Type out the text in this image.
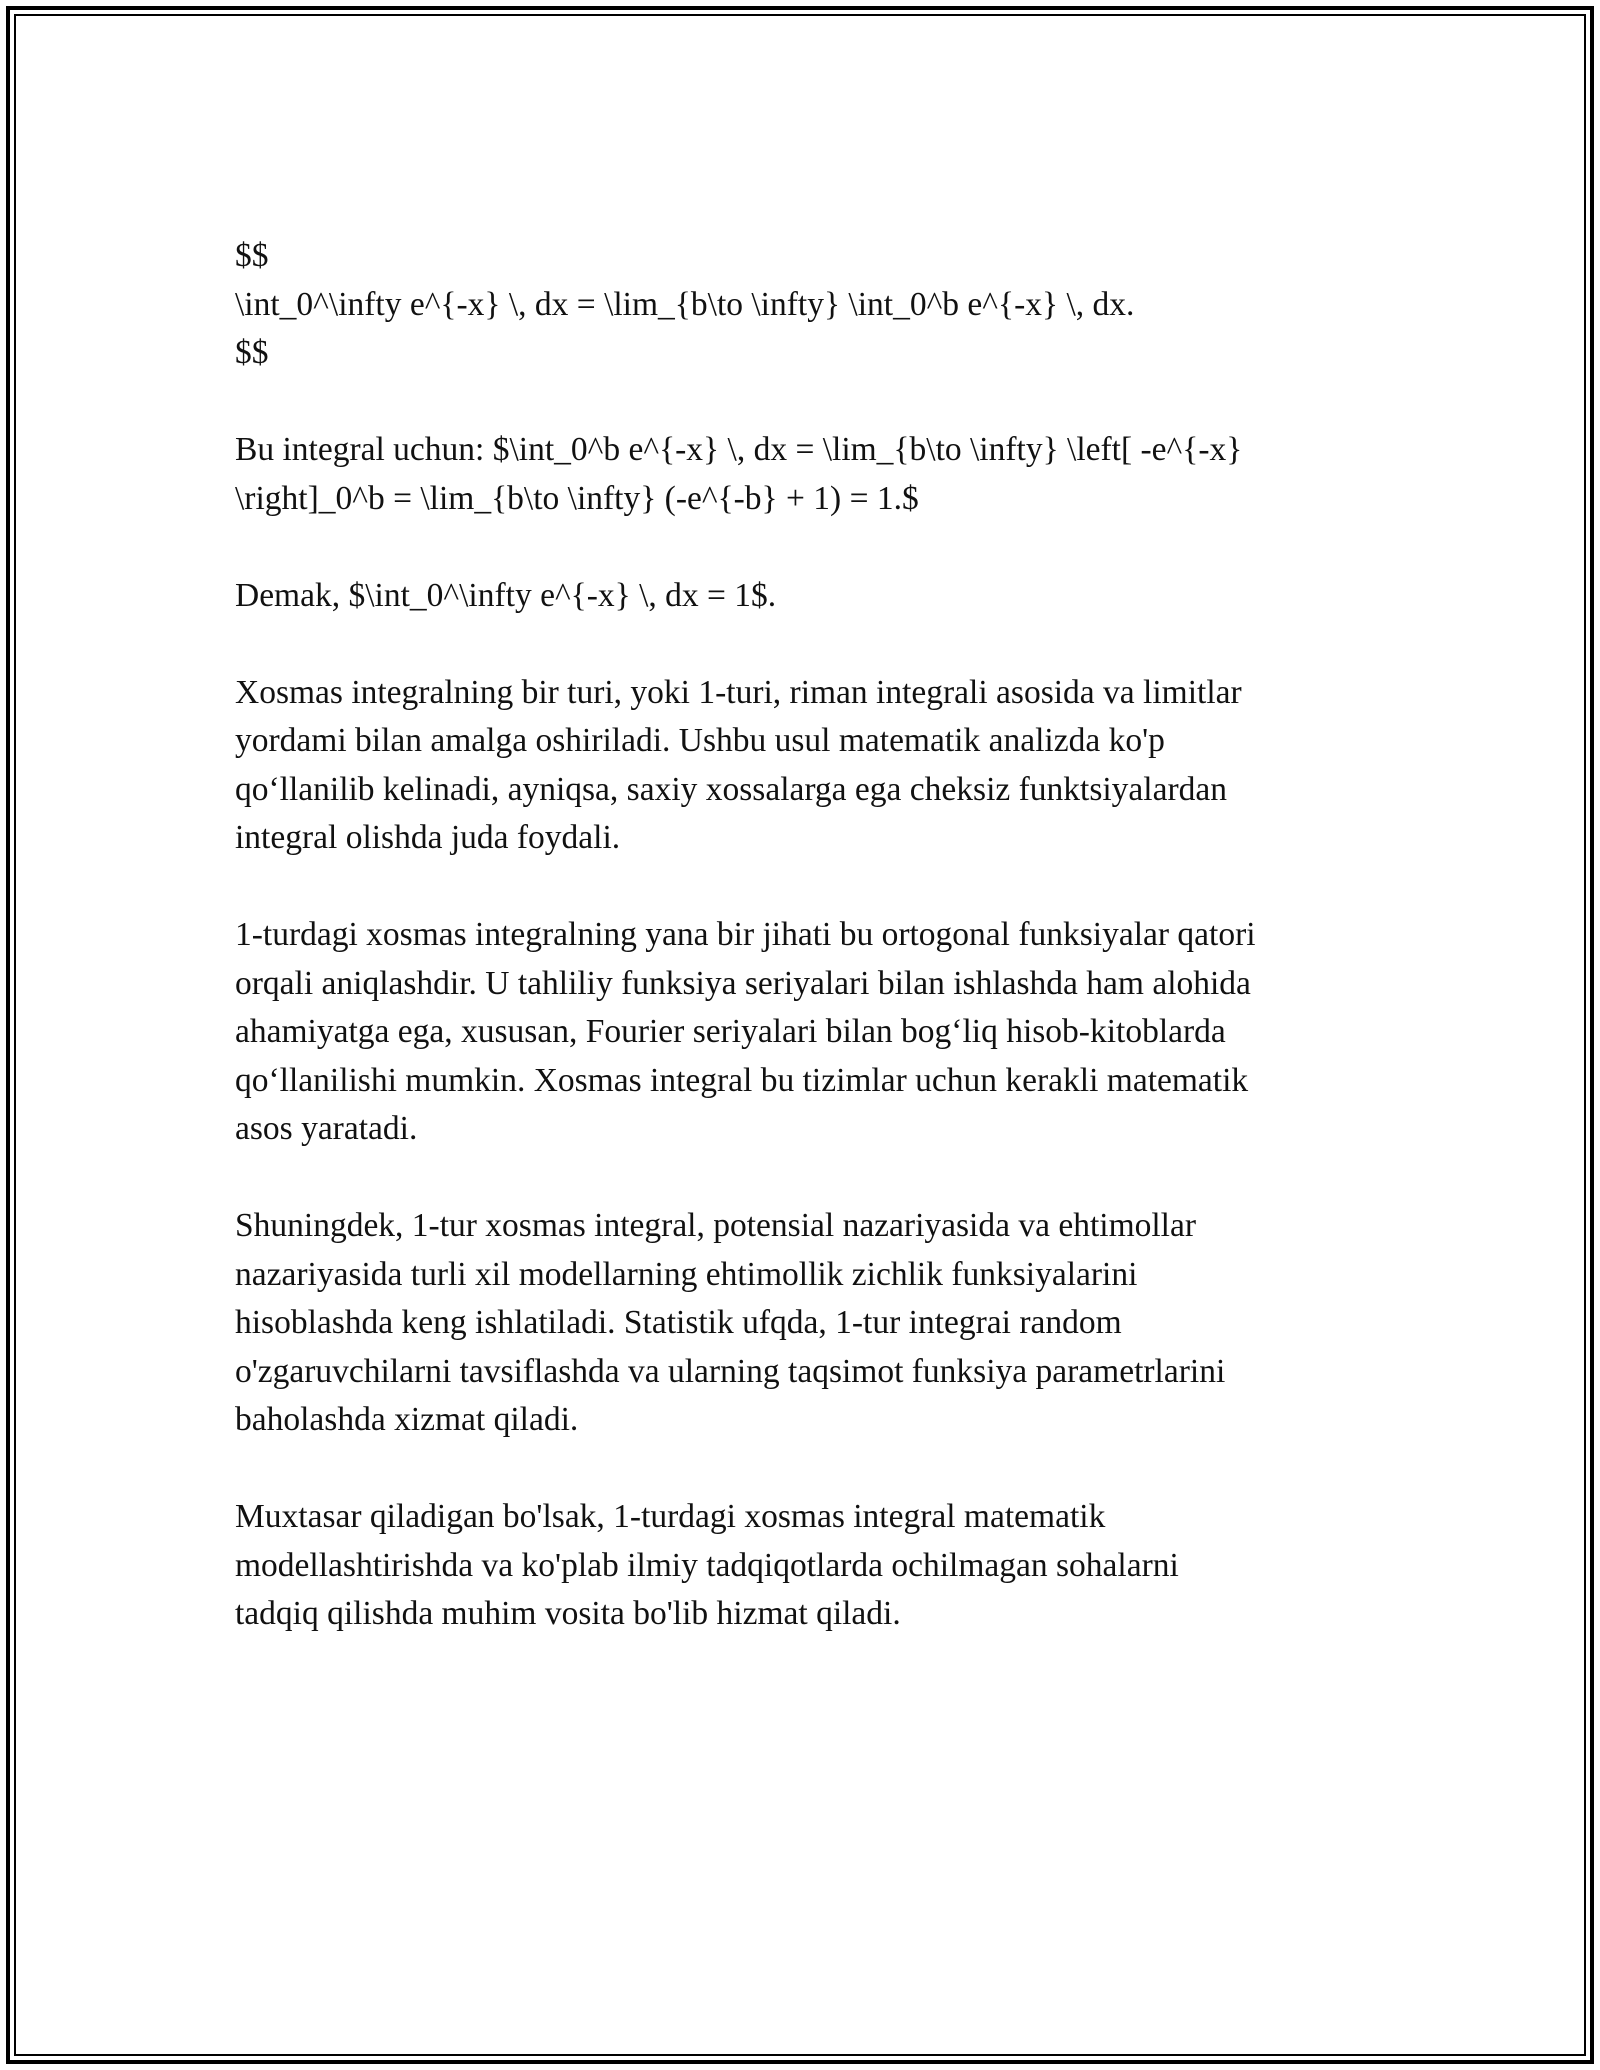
$$
\int_0^\infty e^{-x} \, dx = \lim_{b\to \infty} \int_0^b e^{-x} \, dx.
$$

Bu integral uchun: $\int_0^b e^{-x} \, dx = \lim_{b\to \infty} \left[ -e^{-x}
\right]_0^b = \lim_{b\to \infty} (-e^{-b} + 1) = 1.$

Demak, $\int_0^\infty e^{-x} \, dx = 1$.

Xosmas integralning bir turi, yoki 1-turi, riman integrali asosida va limitlar
yordami bilan amalga oshiriladi. Ushbu usul matematik analizda ko'p
qo‘llanilib kelinadi, ayniqsa, saxiy xossalarga ega cheksiz funktsiyalardan
integral olishda juda foydali.

1-turdagi xosmas integralning yana bir jihati bu ortogonal funksiyalar qatori
orqali aniqlashdir. U tahliliy funksiya seriyalari bilan ishlashda ham alohida
ahamiyatga ega, xususan, Fourier seriyalari bilan bog‘liq hisob-kitoblarda
qo‘llanilishi mumkin. Xosmas integral bu tizimlar uchun kerakli matematik
asos yaratadi.

Shuningdek, 1-tur xosmas integral, potensial nazariyasida va ehtimollar
nazariyasida turli xil modellarning ehtimollik zichlik funksiyalarini
hisoblashda keng ishlatiladi. Statistik ufqda, 1-tur integrai random
o'zgaruvchilarni tavsiflashda va ularning taqsimot funksiya parametrlarini
baholashda xizmat qiladi.

Muxtasar qiladigan bo'lsak, 1-turdagi xosmas integral matematik
modellashtirishda va ko'plab ilmiy tadqiqotlarda ochilmagan sohalarni
tadqiq qilishda muhim vosita bo'lib hizmat qiladi.
